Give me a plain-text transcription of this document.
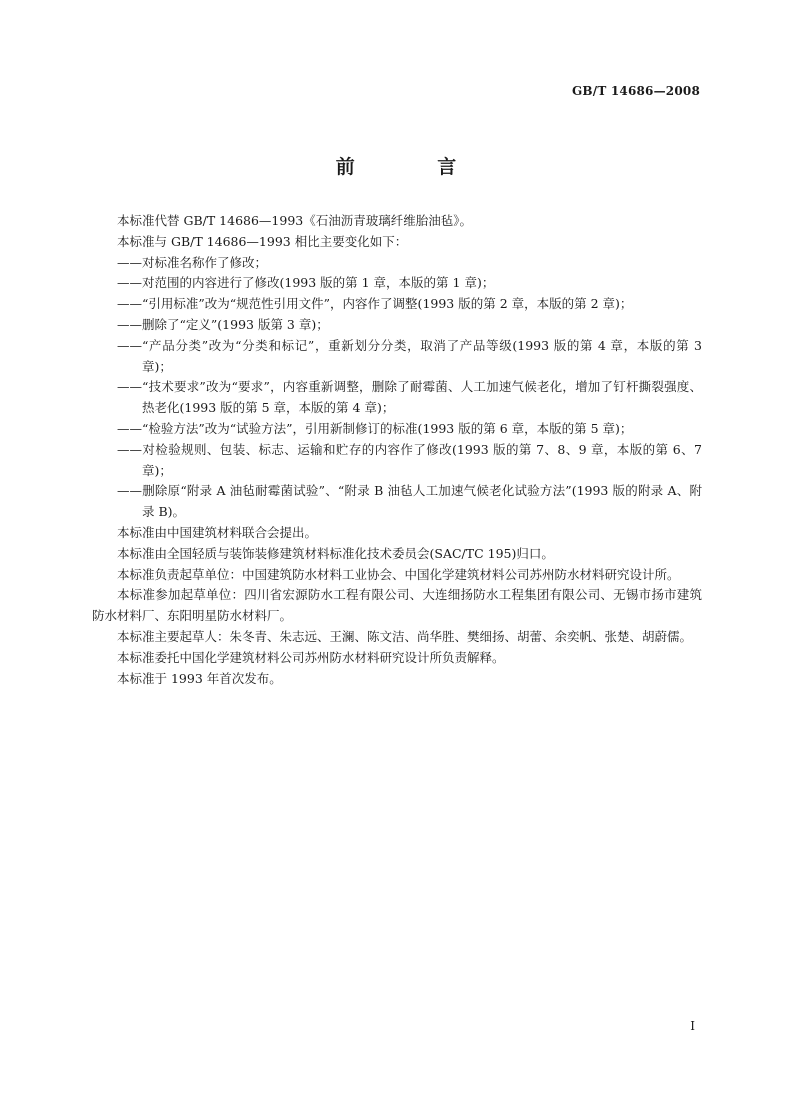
GB/T 14686—2008
前 言

本标准代替 GB/T 14686—1993《石油沥青玻璃纤维胎油毡》。

本标准与 GB/T 14686—1993 相比主要变化如下：

——对标准名称作了修改；

——对范围的内容进行了修改(1993 版的第 1 章，本版的第 1 章)；

——“引用标准”改为“规范性引用文件”，内容作了调整(1993 版的第 2 章，本版的第 2 章)；

——删除了“定义”(1993 版第 3 章)；

——“产品分类”改为“分类和标记”，重新划分分类，取消了产品等级(1993 版的第 4 章，本版的第 3 章)；

——“技术要求”改为“要求”，内容重新调整，删除了耐霉菌、人工加速气候老化，增加了钉杆撕裂强度、热老化(1993 版的第 5 章，本版的第 4 章)；

——“检验方法”改为“试验方法”，引用新制修订的标准(1993 版的第 6 章，本版的第 5 章)；

——对检验规则、包装、标志、运输和贮存的内容作了修改(1993 版的第 7、8、9 章，本版的第 6、7 章)；

——删除原“附录 A 油毡耐霉菌试验”、“附录 B 油毡人工加速气候老化试验方法”(1993 版的附录 A、附录 B)。

本标准由中国建筑材料联合会提出。

本标准由全国轻质与装饰装修建筑材料标准化技术委员会(SAC/TC 195)归口。

本标准负责起草单位：中国建筑防水材料工业协会、中国化学建筑材料公司苏州防水材料研究设计所。

本标准参加起草单位：四川省宏源防水工程有限公司、大连细扬防水工程集团有限公司、无锡市扬市建筑防水材料厂、东阳明星防水材料厂。

本标准主要起草人：朱冬青、朱志远、王澜、陈文洁、尚华胜、樊细扬、胡蕾、余奕帆、张楚、胡蔚儒。

本标准委托中国化学建筑材料公司苏州防水材料研究设计所负责解释。

本标准于 1993 年首次发布。

I
